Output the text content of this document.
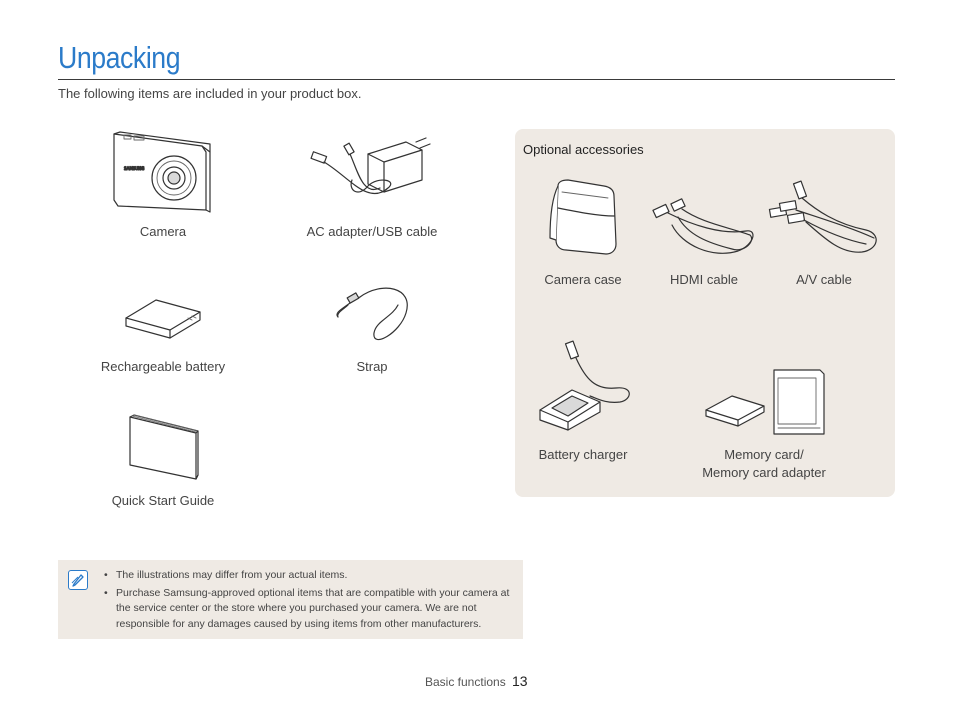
Unpacking
The following items are included in your product box.
SAMSUNG
Camera	AC adapter/USB cable
Rechargeable battery	Strap
Quick Start Guide
Optional accessories
Camera case	HDMI cable	A/V cable
Battery charger	Memory card/
Memory card adapter
• The illustrations may differ from your actual items.
• Purchase Samsung-approved optional items that are compatible with your camera at the service center or the store where you purchased your camera. We are not responsible for any damages caused by using items from other manufacturers.
Basic functions 13
